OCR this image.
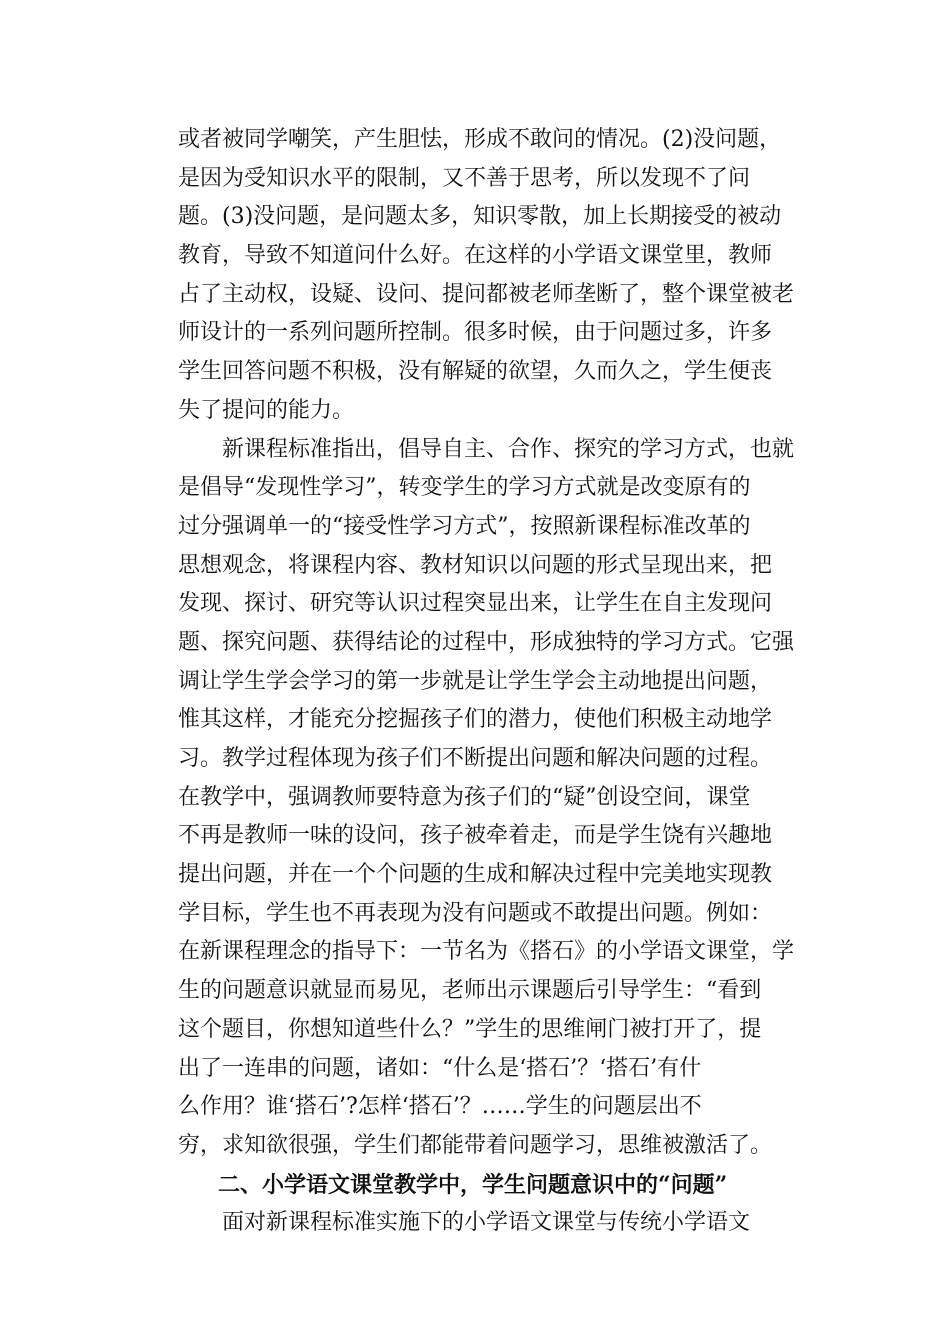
或者被同学嘲笑，产生胆怯，形成不敢问的情况。(2)没问题，
是因为受知识水平的限制，又不善于思考，所以发现不了问
题。(3)没问题，是问题太多，知识零散，加上长期接受的被动
教育，导致不知道问什么好。在这样的小学语文课堂里，教师
占了主动权，设疑、设问、提问都被老师垄断了，整个课堂被老
师设计的一系列问题所控制。很多时候，由于问题过多，许多
学生回答问题不积极，没有解疑的欲望，久而久之，学生便丧
失了提问的能力。
新课程标准指出，倡导自主、合作、探究的学习方式，也就
是倡导“发现性学习”，转变学生的学习方式就是改变原有的
过分强调单一的“接受性学习方式”，按照新课程标准改革的
思想观念，将课程内容、教材知识以问题的形式呈现出来，把
发现、探讨、研究等认识过程突显出来，让学生在自主发现问
题、探究问题、获得结论的过程中，形成独特的学习方式。它强
调让学生学会学习的第一步就是让学生学会主动地提出问题，
惟其这样，才能充分挖掘孩子们的潜力，使他们积极主动地学
习。教学过程体现为孩子们不断提出问题和解决问题的过程。
在教学中，强调教师要特意为孩子们的“疑”创设空间，课堂
不再是教师一味的设问，孩子被牵着走，而是学生饶有兴趣地
提出问题，并在一个个问题的生成和解决过程中完美地实现教
学目标，学生也不再表现为没有问题或不敢提出问题。例如：
在新课程理念的指导下：一节名为《搭石》的小学语文课堂，学
生的问题意识就显而易见，老师出示课题后引导学生：“看到
这个题目，你想知道些什么？”学生的思维闸门被打开了，提
出了一连串的问题，诸如：“什么是‘搭石’？‘搭石’有什
么作用？谁‘搭石’?怎样‘搭石’？……学生的问题层出不
穷，求知欲很强，学生们都能带着问题学习，思维被激活了。
二、小学语文课堂教学中，学生问题意识中的“问题”
面对新课程标准实施下的小学语文课堂与传统小学语文
